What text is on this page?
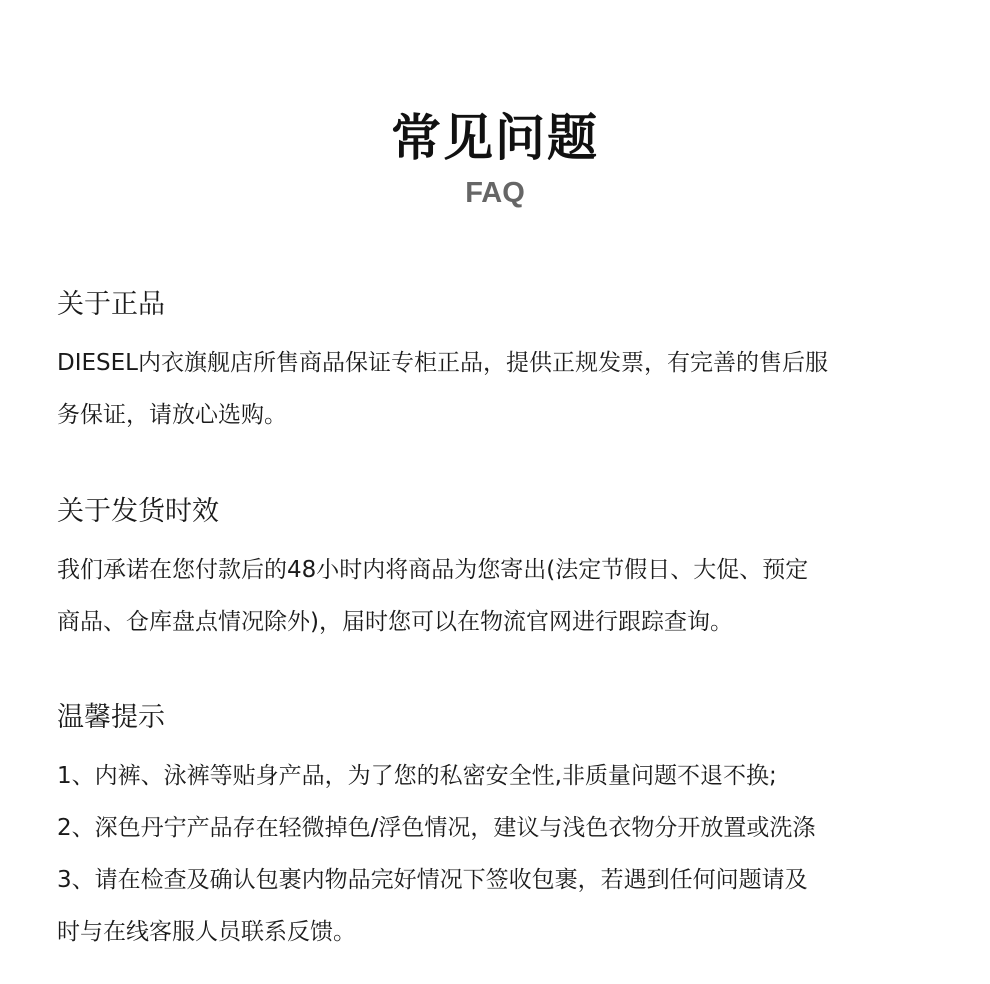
常见问题
FAQ
关于正品
DIESEL内衣旗舰店所售商品保证专柜正品，提供正规发票，有完善的售后服
务保证，请放心选购。
关于发货时效
我们承诺在您付款后的48小时内将商品为您寄出(法定节假日、大促、预定
商品、仓库盘点情况除外)，届时您可以在物流官网进行跟踪查询。
温馨提示
1、内裤、泳裤等贴身产品，为了您的私密安全性,非质量问题不退不换;
2、深色丹宁产品存在轻微掉色/浮色情况，建议与浅色衣物分开放置或洗涤
3、请在检查及确认包裹内物品完好情况下签收包裹，若遇到任何问题请及
时与在线客服人员联系反馈。
